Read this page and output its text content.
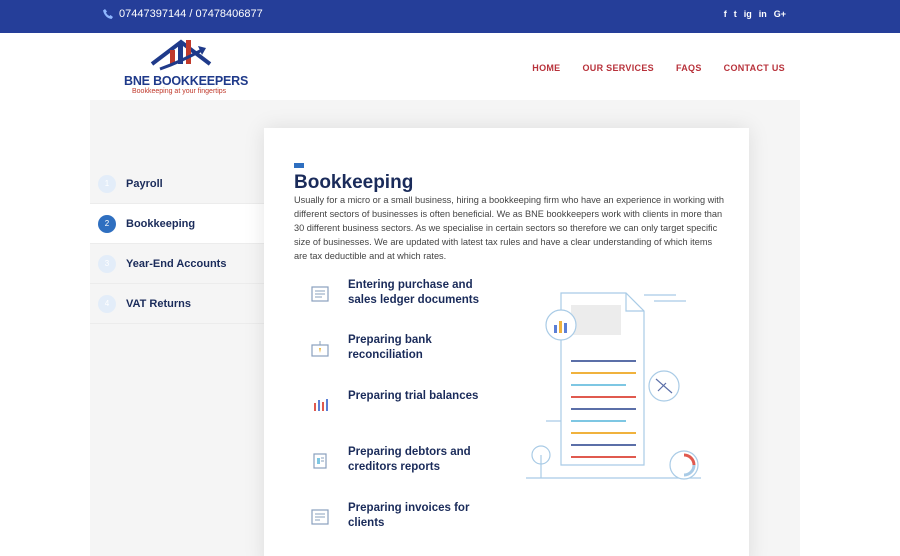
07447397144 / 07478406877	f t ig in G+
BNE BOOKKEEPERS
Bookkeeping at your fingertips
HOME OUR SERVICES FAQS CONTACT US
1	Payroll
2	Bookkeeping
3	Year-End Accounts
4	VAT Returns
Bookkeeping

Usually for a micro or a small business, hiring a bookkeeping firm who have an experience in working with different sectors of businesses is often beneficial. We as BNE bookkeepers work with clients in more than 30 different business sectors. As we specialise in certain sectors so therefore we can only target specific size of businesses. We are updated with latest tax rules and have a clear understanding of which items are tax deductible and at which rates.

Entering purchase and sales ledger documents
Preparing bank reconciliation
Preparing trial balances
Preparing debtors and creditors reports
Preparing invoices for clients
